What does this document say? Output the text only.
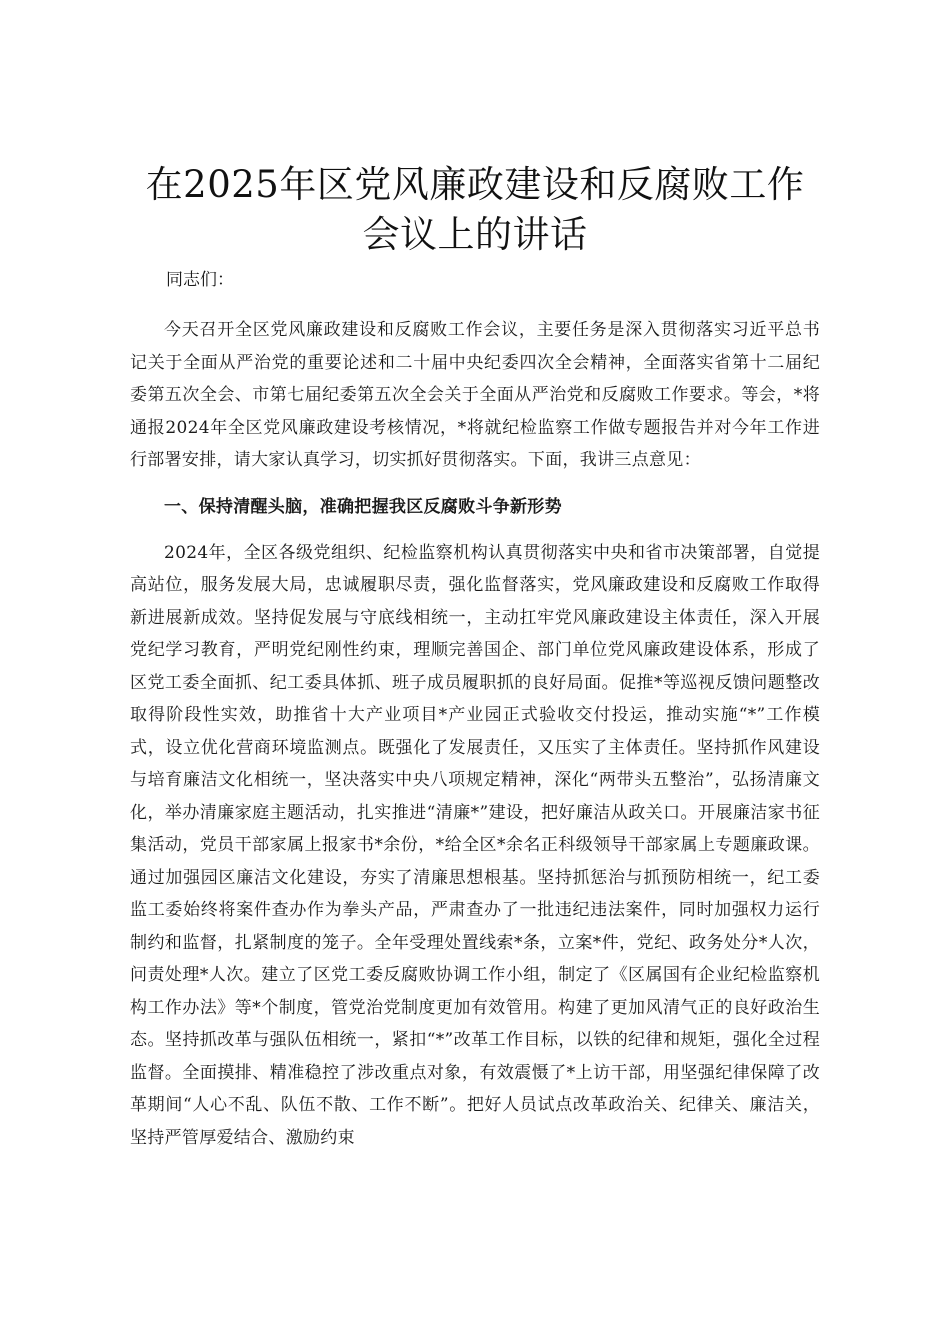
在2025年区党风廉政建设和反腐败工作会议上的讲话

同志们：

今天召开全区党风廉政建设和反腐败工作会议，主要任务是深入贯彻落实习近平总书记关于全面从严治党的重要论述和二十届中央纪委四次全会精神，全面落实省第十二届纪委第五次全会、市第七届纪委第五次全会关于全面从严治党和反腐败工作要求。等会，*将通报2024年全区党风廉政建设考核情况，*将就纪检监察工作做专题报告并对今年工作进行部署安排，请大家认真学习，切实抓好贯彻落实。下面，我讲三点意见：

一、保持清醒头脑，准确把握我区反腐败斗争新形势

2024年，全区各级党组织、纪检监察机构认真贯彻落实中央和省市决策部署，自觉提高站位，服务发展大局，忠诚履职尽责，强化监督落实，党风廉政建设和反腐败工作取得新进展新成效。坚持促发展与守底线相统一，主动扛牢党风廉政建设主体责任，深入开展党纪学习教育，严明党纪刚性约束，理顺完善国企、部门单位党风廉政建设体系，形成了区党工委全面抓、纪工委具体抓、班子成员履职抓的良好局面。促推*等巡视反馈问题整改取得阶段性实效，助推省十大产业项目*产业园正式验收交付投运，推动实施“*”工作模式，设立优化营商环境监测点。既强化了发展责任，又压实了主体责任。坚持抓作风建设与培育廉洁文化相统一，坚决落实中央八项规定精神，深化“两带头五整治”，弘扬清廉文化，举办清廉家庭主题活动，扎实推进“清廉*”建设，把好廉洁从政关口。开展廉洁家书征集活动，党员干部家属上报家书*余份，*给全区*余名正科级领导干部家属上专题廉政课。通过加强园区廉洁文化建设，夯实了清廉思想根基。坚持抓惩治与抓预防相统一，纪工委监工委始终将案件查办作为拳头产品，严肃查办了一批违纪违法案件，同时加强权力运行制约和监督，扎紧制度的笼子。全年受理处置线索*条，立案*件，党纪、政务处分*人次，问责处理*人次。建立了区党工委反腐败协调工作小组，制定了《区属国有企业纪检监察机构工作办法》等*个制度，管党治党制度更加有效管用。构建了更加风清气正的良好政治生态。坚持抓改革与强队伍相统一，紧扣“*”改革工作目标，以铁的纪律和规矩，强化全过程监督。全面摸排、精准稳控了涉改重点对象，有效震慑了*上访干部，用坚强纪律保障了改革期间“人心不乱、队伍不散、工作不断”。把好人员试点改革政治关、纪律关、廉洁关，坚持严管厚爱结合、激励约束
